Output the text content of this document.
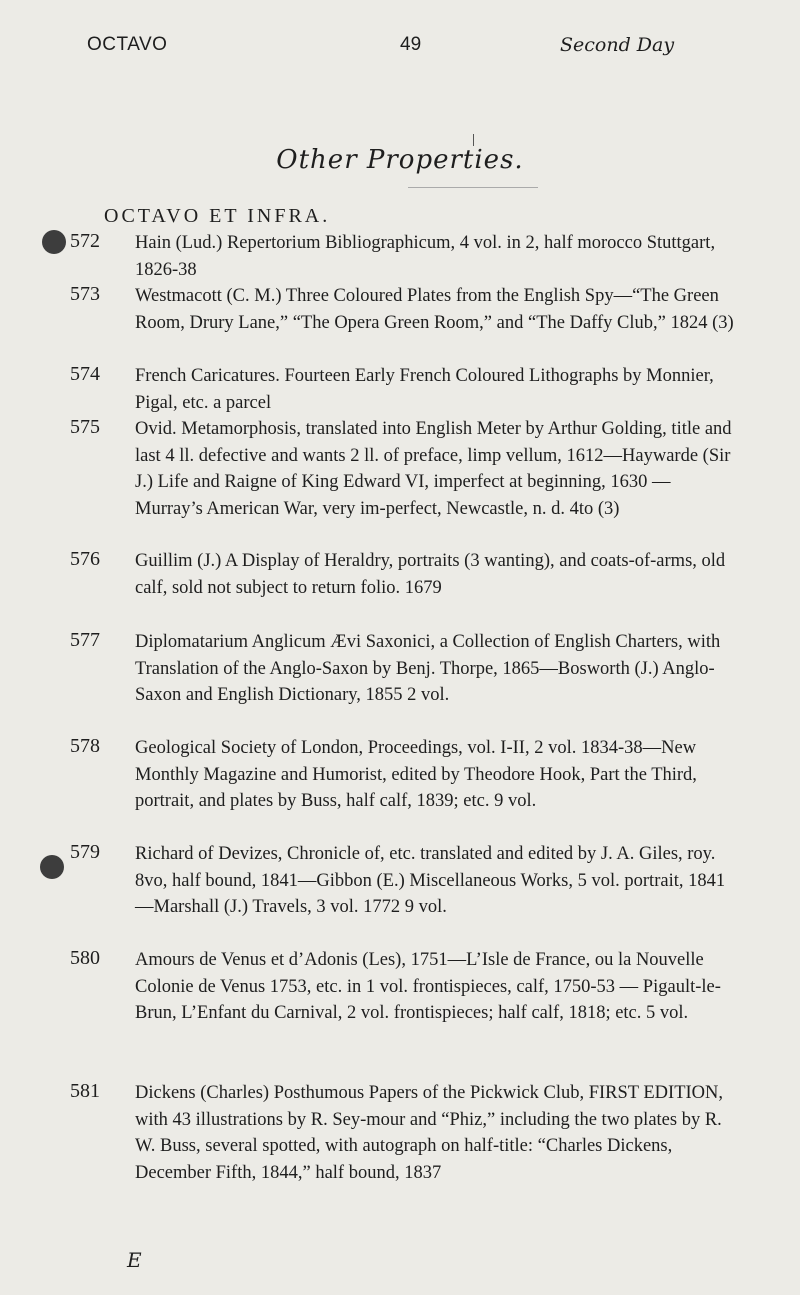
OCTAVO	49	Second Day
Other Properties.
OCTAVO ET INFRA.
572	Hain (Lud.) Repertorium Bibliographicum, 4 vol. in 2, half morocco Stuttgart, 1826-38
573	Westmacott (C. M.) Three Coloured Plates from the English Spy—“The Green Room, Drury Lane,” “The Opera Green Room,” and “The Daffy Club,” 1824 (3)
574	French Caricatures. Fourteen Early French Coloured Lithographs by Monnier, Pigal, etc. a parcel
575	Ovid. Metamorphosis, translated into English Meter by Arthur Golding, title and last 4 ll. defective and wants 2 ll. of preface, limp vellum, 1612—Haywarde (Sir J.) Life and Raigne of King Edward VI, imperfect at beginning, 1630 — Murray’s American War, very im-perfect, Newcastle, n. d. 4to (3)
576	Guillim (J.) A Display of Heraldry, portraits (3 wanting), and coats-of-arms, old calf, sold not subject to return folio. 1679
577	Diplomatarium Anglicum Ævi Saxonici, a Collection of English Charters, with Translation of the Anglo-Saxon by Benj. Thorpe, 1865—Bosworth (J.) Anglo-Saxon and English Dictionary, 1855 2 vol.
578	Geological Society of London, Proceedings, vol. I-II, 2 vol. 1834-38—New Monthly Magazine and Humorist, edited by Theodore Hook, Part the Third, portrait, and plates by Buss, half calf, 1839; etc. 9 vol.
579	Richard of Devizes, Chronicle of, etc. translated and edited by J. A. Giles, roy. 8vo, half bound, 1841—Gibbon (E.) Miscellaneous Works, 5 vol. portrait, 1841—Marshall (J.) Travels, 3 vol. 1772 9 vol.
580	Amours de Venus et d’Adonis (Les), 1751—L’Isle de France, ou la Nouvelle Colonie de Venus 1753, etc. in 1 vol. frontispieces, calf, 1750-53 — Pigault-le-Brun, L’Enfant du Carnival, 2 vol. frontispieces; half calf, 1818; etc. 5 vol.
581	Dickens (Charles) Posthumous Papers of the Pickwick Club, FIRST EDITION, with 43 illustrations by R. Sey-mour and “Phiz,” including the two plates by R. W. Buss, several spotted, with autograph on half-title: “Charles Dickens, December Fifth, 1844,” half bound, 1837
E
